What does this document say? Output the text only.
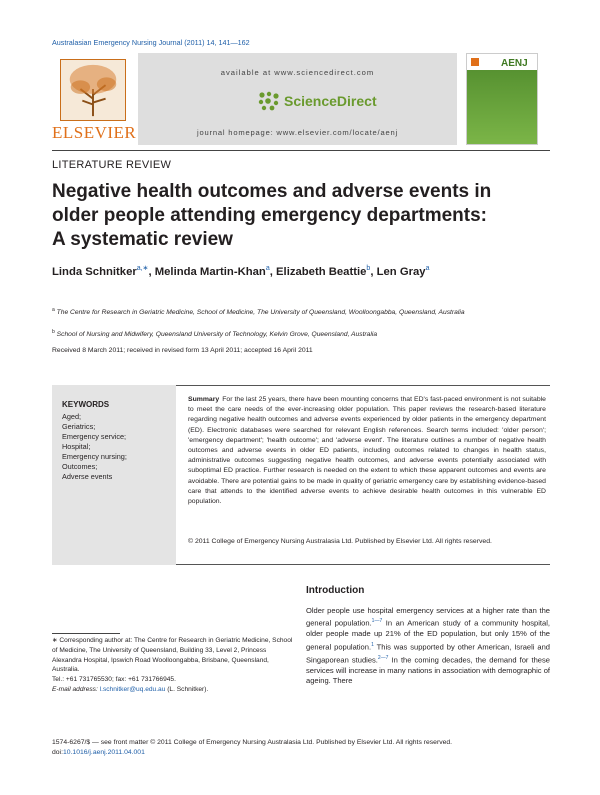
Australasian Emergency Nursing Journal (2011) 14, 141—162
ELSEVIER
available at www.sciencedirect.com
ScienceDirect
journal homepage: www.elsevier.com/locate/aenj
AENJ
LITERATURE REVIEW
Negative health outcomes and adverse events in
older people attending emergency departments:
A systematic review
Linda Schnitker$^{a,∗}$, Melinda Martin-Khan$^a$, Elizabeth Beattie$^b$, Len Gray$^a$
$^a$ The Centre for Research in Geriatric Medicine, School of Medicine, The University of Queensland, Woolloongabba, Queensland, Australia
$^b$ School of Nursing and Midwifery, Queensland University of Technology, Kelvin Grove, Queensland, Australia
Received 8 March 2011; received in revised form 13 April 2011; accepted 16 April 2011
KEYWORDS
Aged;
Geriatrics;
Emergency service;
Hospital;
Emergency nursing;
Outcomes;
Adverse events
Summary For the last 25 years, there have been mounting concerns that ED's fast-paced environment is not suitable to meet the care needs of the ever-increasing older population. This paper reviews the research-based literature regarding negative health outcomes and adverse events experienced by older patients in the emergency department (ED). Electronic databases were searched for relevant English references. Search terms included: 'older person'; 'emergency department'; 'health outcome'; and 'adverse event'. The literature outlines a number of negative health outcomes and adverse events in older ED patients, including outcomes related to changes in health status, administrative outcomes suggesting negative health outcomes, and adverse events potentially associated with suboptimal ED practice. Further research is needed on the extent to which these apparent outcomes and events are avoidable. There are potential gains to be made in quality of geriatric emergency care by establishing evidence-based care that attends to the identified adverse events to achieve desirable health outcomes in this vulnerable ED population.
© 2011 College of Emergency Nursing Australasia Ltd. Published by Elsevier Ltd. All rights reserved.
Introduction
Older people use hospital emergency services at a higher rate than the general population.$^{1—7}$ In an American study of a community hospital, older people made up 21% of the ED population, but only 15% of the general population.$^1$ This was supported by other American, Israeli and Singaporean studies.$^{2—7}$ In the coming decades, the demand for these services will increase in many nations in association with demographic of ageing. There
∗ Corresponding author at: The Centre for Research in Geriatric Medicine, School of Medicine, The University of Queensland, Building 33, Level 2, Princess Alexandra Hospital, Ipswich Road Woolloongabba, Brisbane, Queensland, Australia.
Tel.: +61 731765530; fax: +61 731766945.
E-mail address: l.schnitker@uq.edu.au (L. Schnitker).
1574-6267/$ — see front matter © 2011 College of Emergency Nursing Australasia Ltd. Published by Elsevier Ltd. All rights reserved.
doi:10.1016/j.aenj.2011.04.001
